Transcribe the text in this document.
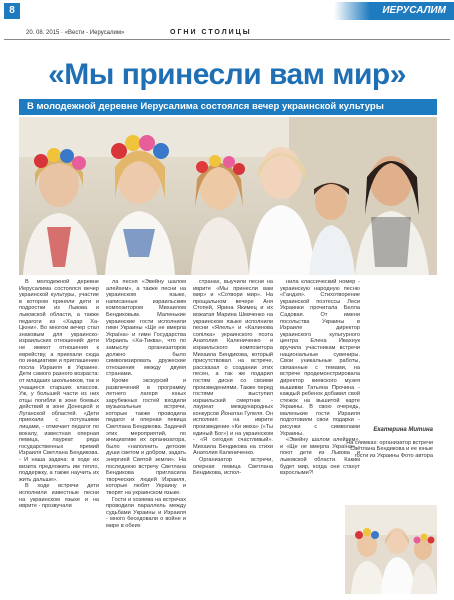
8	ИЕРУСАЛИМ
20. 08. 2015 · «Вести - Иерусалим»	ОГНИ СТОЛИЦЫ
«Мы принесли вам мир»
В молодежной деревне Иерусалима состоялся вечер украинской культуры

В молодежной деревне Иерусалима состоялся вечер украинской культуры, участие в котором приняли дети и подростки из Львова и львовской области, а также педагоги из «Хадар Ха-Цюни». Во многом вечер стал знаковым для украинско-израильских отношений: дети не имеют отношения к еврейству, а приехали сюда по инициативе и приглашению посла Израиля в Украине. Дети самого разного возраста: от младших школьников, так и учащиеся старших классов. Уж, у большей части из них отцы погибли в зоне боевых действий в зоне Донецкой и Луганской областей. «Дети приехали с потухшими лицами, - отмечает педагог по вокалу, известная оперная певица, лауреат ряда государственных премий Израиля Светлана Бендикова. - И наша задача: в ходе их визита предложить им тепло, поддержку, а также научить их жить дальше».

В ходе встречи дети исполнили известные песни на украинском языке и на иврите - прозвучали

ла песня «Эвейну шалом алейхем», а также песни на украинском языке, написанные израильским композитором Михаилом Бендиковым. Маленькие украинские гости исполнили гимн Украины «Ще не вмерла Україна» и гимн Государства Израиль «Ха-Тиква», что по замыслу организаторов должно было символизировать дружеские отношения между двумя странами.

Кроме экскурсий и развлечений в программу летнего лагеря юных зарубежных гостей входили музыкальные встречи, которые также проводила педагог и оперная певица Светлана Бендикова. Задачей этих мероприятий, по инициативе их организатора, было «наполнить детские души светом и добром, задать энергией Святой земли». На последнюю встречу Светлана Бендикова пригласила творческих людей Израиля, которые любят Украину и творят на украинском языке.

Гости и хозяева на встречах проводили параллель между судьбами Украины и Израиля - много беседовали о войне и мире в обеих

странах, выучили песни на иврите «Мы принесли вам мир» и «Сотвори мир». На прощальном вечере Аня Стопей, Ярина Якимец и их вожатая Марина Шевченко на украинском языке исполнили песни «Ялель» и «Калинова сопілка» украинского поэта Анатолия Калениченко и израильского композитора Михаила Бендикова, который присутствовал на встрече, рассказал о создании этих песен, а так же подарил гостям диски со своими произведениями. Также перед гостями выступил израильский смертник - лауреат международных конкурсов Йонатан Гулеля. Он исполнил на иврите произведение «Ки имха» («Ты единый Бог») и на украинском - «Я сегодня счастливый». Михаила Бендикова на стихи Анатолия Калениченко.

Организатор встречи, оперная певица Светлана Бендикова, испол-

нила классический номер - украинскую народную песню «Гандзя». Стихотворение украинской поэтессы Леси Украинки прочитала Белла Садовая. От имени посольства Украины в Израиле директор украинского культурного центра Елена Ивахнук вручила участникам встречи национальные сувениры. Свои уникальные работы, связанные с темами, на встрече продемонстрировала директор киевского музея вышивки Татьяна Прочина - каждый ребенок добавил свой стежок на вышитой карте Украины. В свою очередь, маленькие гости Израиля подготовили свои подарки - рисунки с символами Украины.

«Эвейну шалом алейхем», и «Ще не вмерла Україна» - поют дети из Львова и львовской области. Каким будет мир, когда они станут взрослыми?!

Екатерина Митина
На снимках: организатор встречи Светлана Бендикова и ее юные гости из Украины Фото автора
